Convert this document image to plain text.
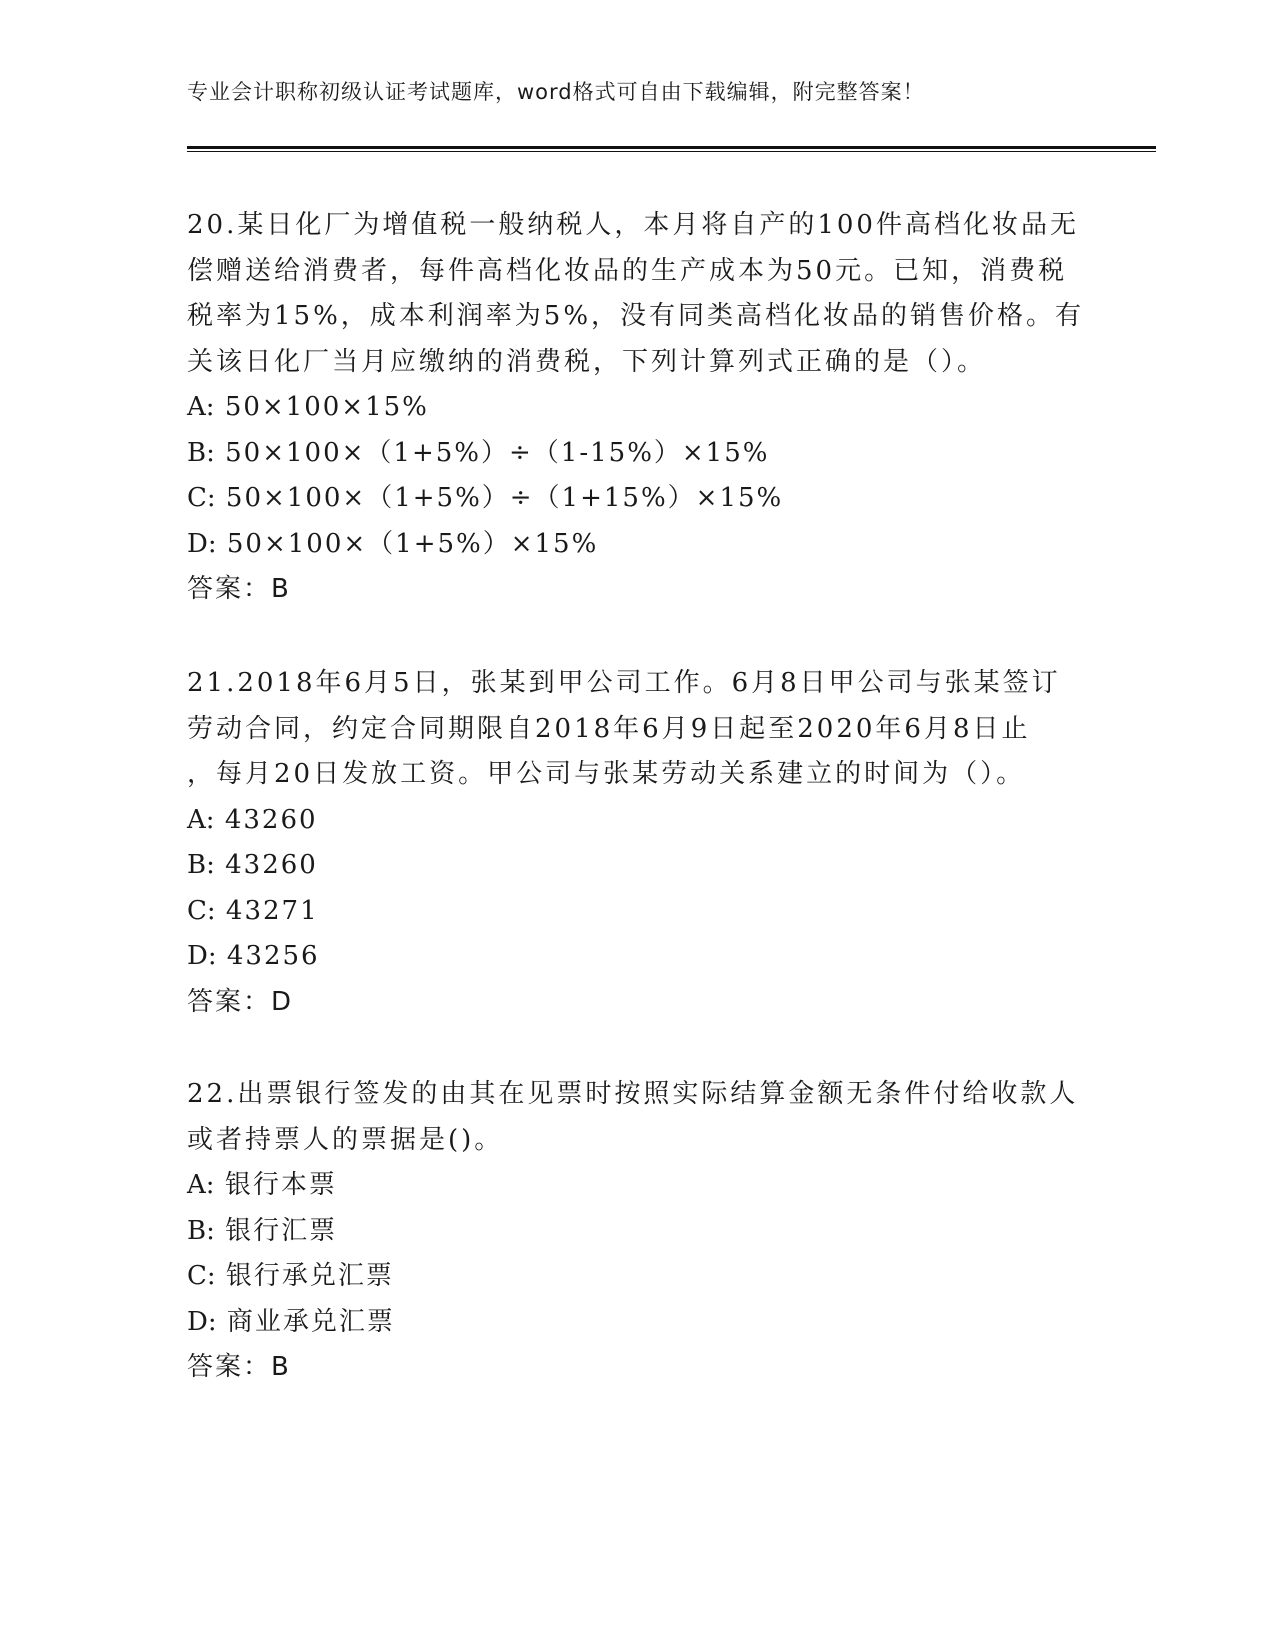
专业会计职称初级认证考试题库，word格式可自由下载编辑，附完整答案！

20.某日化厂为增值税一般纳税人，本月将自产的100件高档化妆品无
偿赠送给消费者，每件高档化妆品的生产成本为50元。已知，消费税
税率为15%，成本利润率为5%，没有同类高档化妆品的销售价格。有
关该日化厂当月应缴纳的消费税，下列计算列式正确的是（）。

A: 50×100×15%
B: 50×100×（1+5%）÷（1-15%）×15%
C: 50×100×（1+5%）÷（1+15%）×15%
D: 50×100×（1+5%）×15%

答案：B

21.2018年6月5日，张某到甲公司工作。6月8日甲公司与张某签订
劳动合同，约定合同期限自2018年6月9日起至2020年6月8日止
，每月20日发放工资。甲公司与张某劳动关系建立的时间为（）。

A: 43260
B: 43260
C: 43271
D: 43256

答案：D

22.出票银行签发的由其在见票时按照实际结算金额无条件付给收款人
或者持票人的票据是()。

A: 银行本票
B: 银行汇票
C: 银行承兑汇票
D: 商业承兑汇票

答案：B
